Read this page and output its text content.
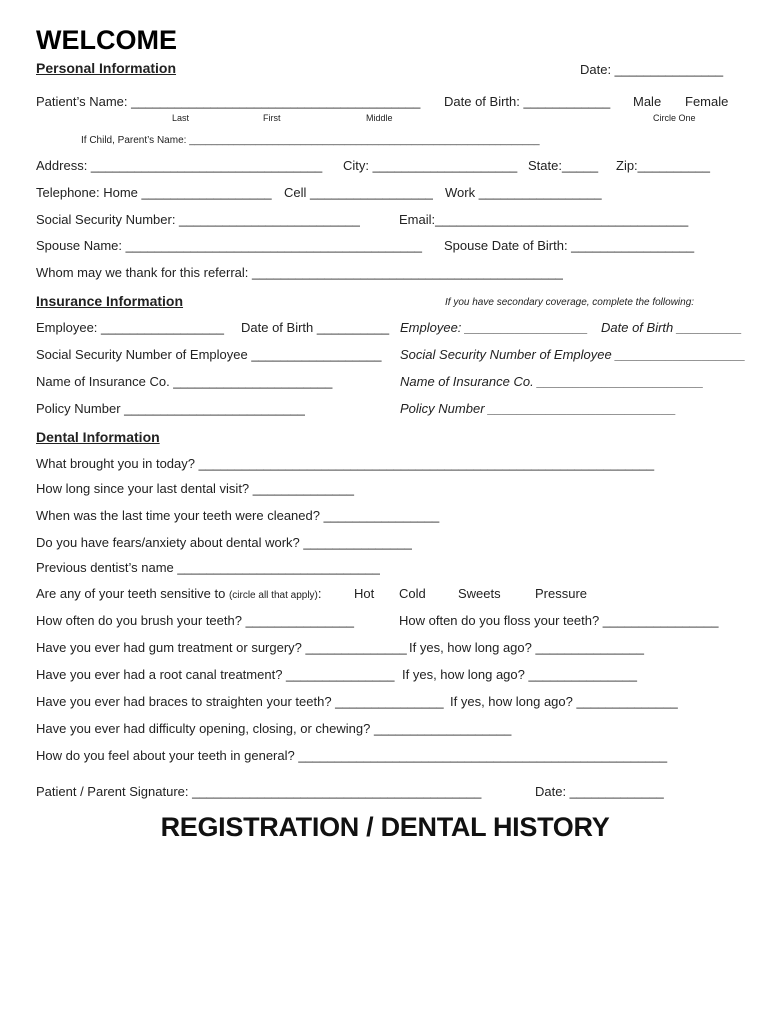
WELCOME
Personal Information	Date: _______________
Patient’s Name: ________________________________________ Date of Birth: ____________ Male Female
Last	First	Middle	Circle One
If Child, Parent’s Name: _______________________________________________________________
Address: ________________________________ City: ____________________ State:_____ Zip:__________
Telephone: Home __________________ Cell _________________ Work _________________
Social Security Number: _________________________	Email:___________________________________
Spouse Name: _________________________________________ Spouse Date of Birth: _________________
Whom may we thank for this referral: ___________________________________________
Insurance Information	If you have secondary coverage, complete the following:
Employee: _________________ Date of Birth __________ Employee: _________________ Date of Birth _________
Social Security Number of Employee __________________ Social Security Number of Employee __________________
Name of Insurance Co. ______________________	Name of Insurance Co. _______________________
Policy Number _________________________	Policy Number __________________________
Dental Information
What brought you in today? _______________________________________________________________
How long since your last dental visit? ______________
When was the last time your teeth were cleaned? ________________
Do you have fears/anxiety about dental work? _______________
Previous dentist’s name ____________________________
Are any of your teeth sensitive to (circle all that apply):	Hot Cold Sweets	Pressure
How often do you brush your teeth? _______________	How often do you floss your teeth? ________________
Have you ever had gum treatment or surgery? ______________ If yes, how long ago? _______________
Have you ever had a root canal treatment? _______________ If yes, how long ago? _______________
Have you ever had braces to straighten your teeth? _______________ If yes, how long ago? ______________
Have you ever had difficulty opening, closing, or chewing? ___________________
How do you feel about your teeth in general? ___________________________________________________
Patient / Parent Signature: ________________________________________	Date: _____________
REGISTRATION / DENTAL HISTORY
